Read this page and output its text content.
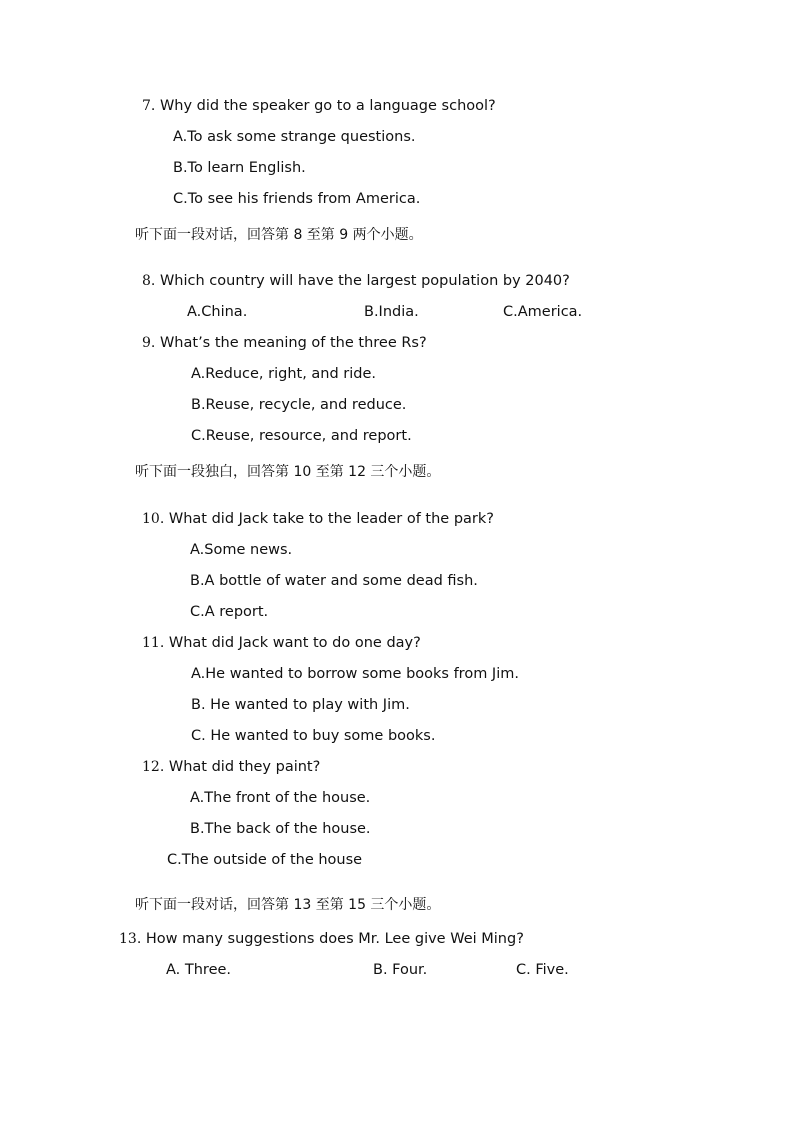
7. Why did the speaker go to a language school?
A.To ask some strange questions.
B.To learn English.
C.To see his friends from America.
听下面一段对话，回答第 8 至第 9 两个小题。
8. Which country will have the largest population by 2040?
A.China.	B.India.	C.America.
9. What’s the meaning of the three Rs?
A.Reduce, right, and ride.
B.Reuse, recycle, and reduce.
C.Reuse, resource, and report.
听下面一段独白，回答第 10 至第 12 三个小题。
10. What did Jack take to the leader of the park?
A.Some news.
B.A bottle of water and some dead fish.
C.A report.
11. What did Jack want to do one day?
A.He wanted to borrow some books from Jim.
B. He wanted to play with Jim.
C. He wanted to buy some books.
12. What did they paint?
A.The front of the house.
B.The back of the house.
C.The outside of the house
听下面一段对话，回答第 13 至第 15 三个小题。
13. How many suggestions does Mr. Lee give Wei Ming?
A. Three.	B. Four.	C. Five.
